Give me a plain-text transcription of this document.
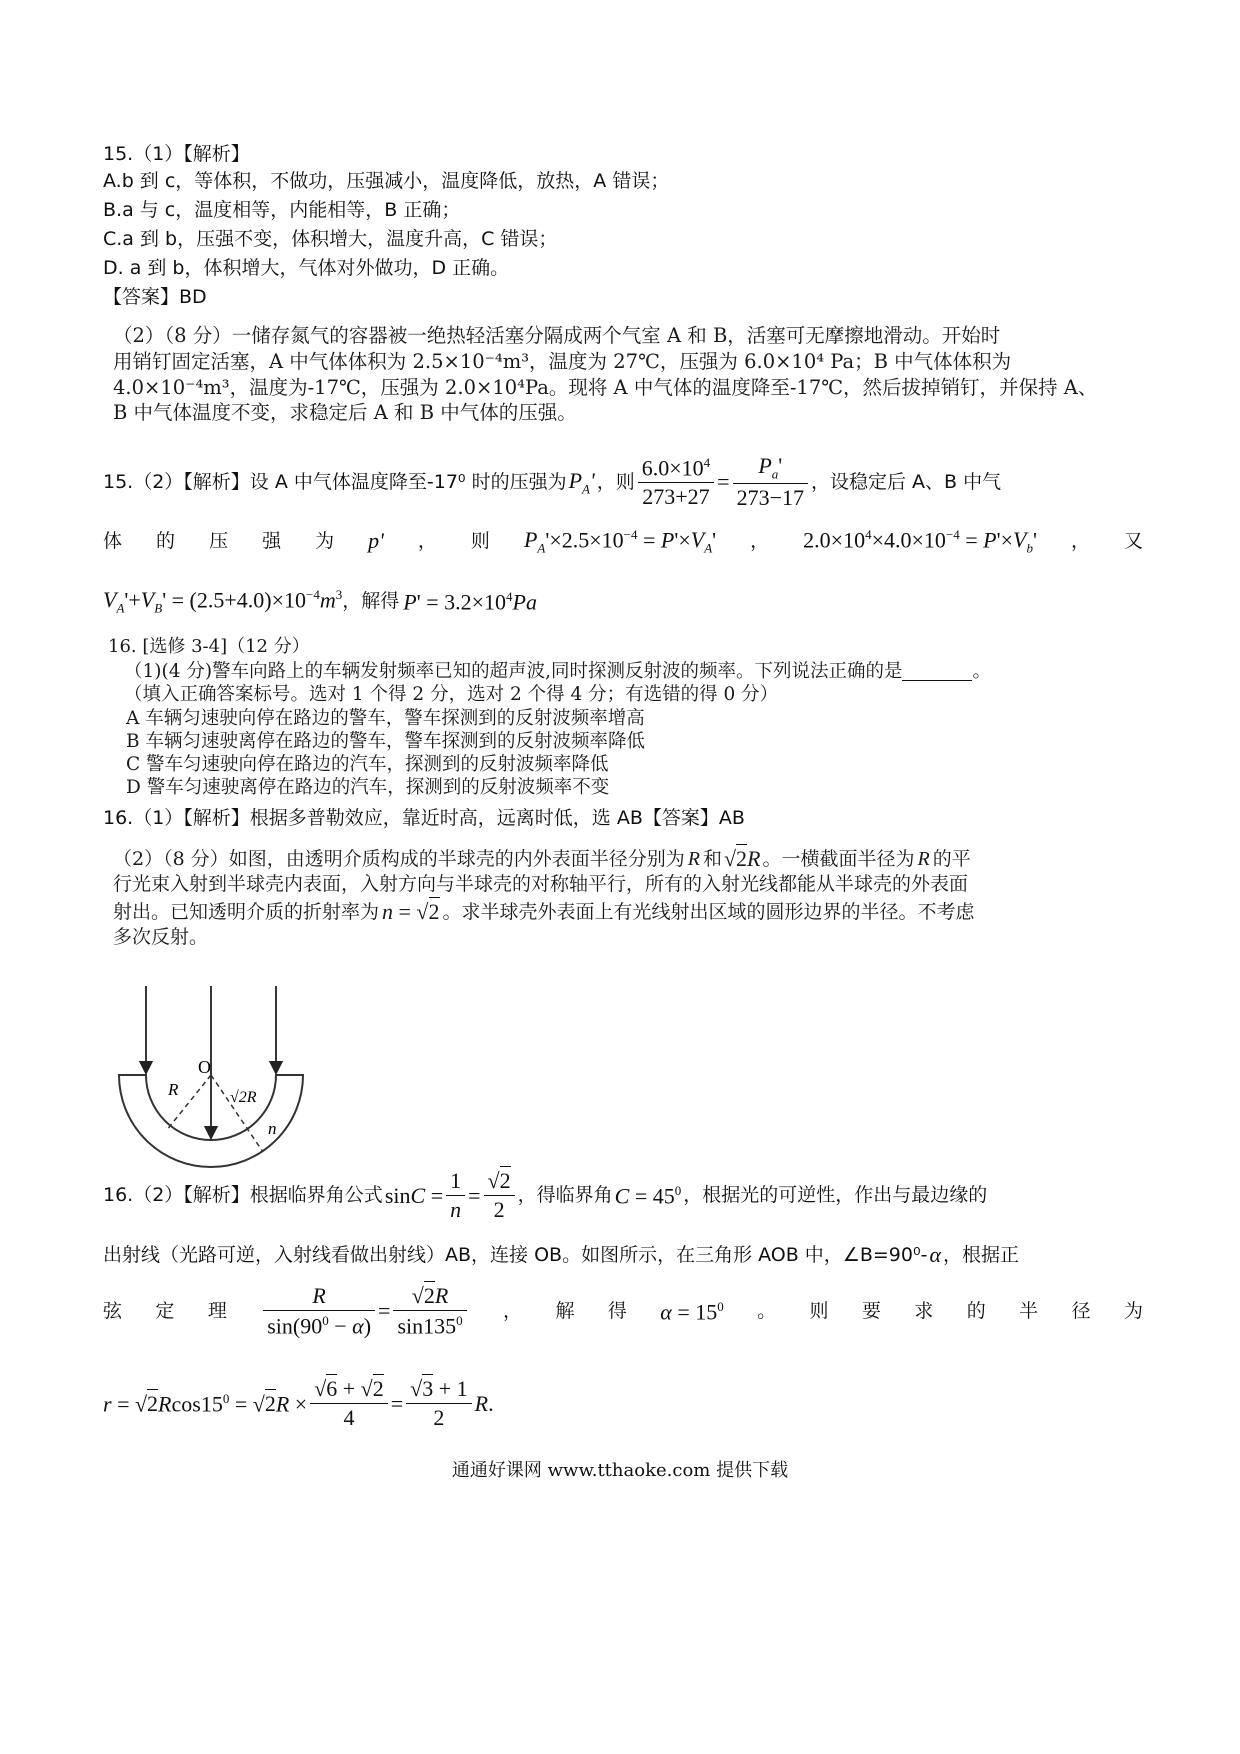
15.（1）【解析】
A.b 到 c，等体积，不做功，压强减小，温度降低，放热，A 错误；
B.a 与 c，温度相等，内能相等，B 正确；
C.a 到 b，压强不变，体积增大，温度升高，C 错误；
D. a 到 b，体积增大，气体对外做功，D 正确。
【答案】BD
（2）（8 分）一储存氮气的容器被一绝热轻活塞分隔成两个气室 A 和 B，活塞可无摩擦地滑动。开始时
用销钉固定活塞，A 中气体体积为 2.5×10⁻⁴m³，温度为 27℃，压强为 6.0×10⁴ Pa；B 中气体体积为
4.0×10⁻⁴m³，温度为-17℃，压强为 2.0×10⁴Pa。现将 A 中气体的温度降至-17℃，然后拔掉销钉，并保持 A、
B 中气体温度不变，求稳定后 A 和 B 中气体的压强。
15.（2）【解析】设 A 中气体温度降至-17⁰ 时的压强为 $P_A'$ ，则 $\frac{6.0\times 10^4}{273+27} = \frac{P_a'}{273-17}$ ，设稳定后 A、B 中气
体 的 压 强 为 p' ， 则 $P_A'\times 2.5\times 10^{-4} = P'\times V_A'$ ， $2.0\times 10^4\times 4.0\times 10^{-4} = P'\times V_b'$ ， 又
$V_A'+V_B' = (2.5+4.0)\times 10^{-4}m^3$ ，解得 $P' = 3.2\times 10^4Pa$
16. [选修 3-4]（12 分）
（1)(4 分)警车向路上的车辆发射频率已知的超声波,同时探测反射波的频率。下列说法正确的是	。
（填入正确答案标号。选对 1 个得 2 分，选对 2 个得 4 分；有选错的得 0 分）
A 车辆匀速驶向停在路边的警车，警车探测到的反射波频率增高
B 车辆匀速驶离停在路边的警车，警车探测到的反射波频率降低
C 警车匀速驶向停在路边的汽车，探测到的反射波频率降低
D 警车匀速驶离停在路边的汽车，探测到的反射波频率不变
16.（1）【解析】根据多普勒效应，靠近时高，远离时低，选 AB【答案】AB
（2）（8 分）如图，由透明介质构成的半球壳的内外表面半径分别为 R 和 √2R 。一横截面半径为 R 的平
行光束入射到半球壳内表面，入射方向与半球壳的对称轴平行，所有的入射光线都能从半球壳的外表面
射出。已知透明介质的折射率为 n = √2 。求半球壳外表面上有光线射出区域的圆形边界的半径。不考虑
多次反射。
O
R	√2R
n
16.（2）【解析】根据临界角公式 $\sin C = \frac{1}{n} = \frac{√2}{2}$ ，得临界角 $C = 45^0$ ，根据光的可逆性，作出与最边缘的
出射线（光路可逆，入射线看做出射线）AB，连接 OB。如图所示，在三角形 AOB 中，∠B=90⁰- α ，根据正
弦 定 理 $\frac{R}{\sin(90^0 - \alpha)} = \frac{√2R}{\sin 135^0}$ ， 解 得 $\alpha = 15^0$ 。 则 要 求 的 半 径 为
$r = √2Rcos15^0 = √2R \times \frac{√6 + √2}{4} = \frac{√3 + 1}{2} R$.
通通好课网 www.tthaoke.com 提供下载
